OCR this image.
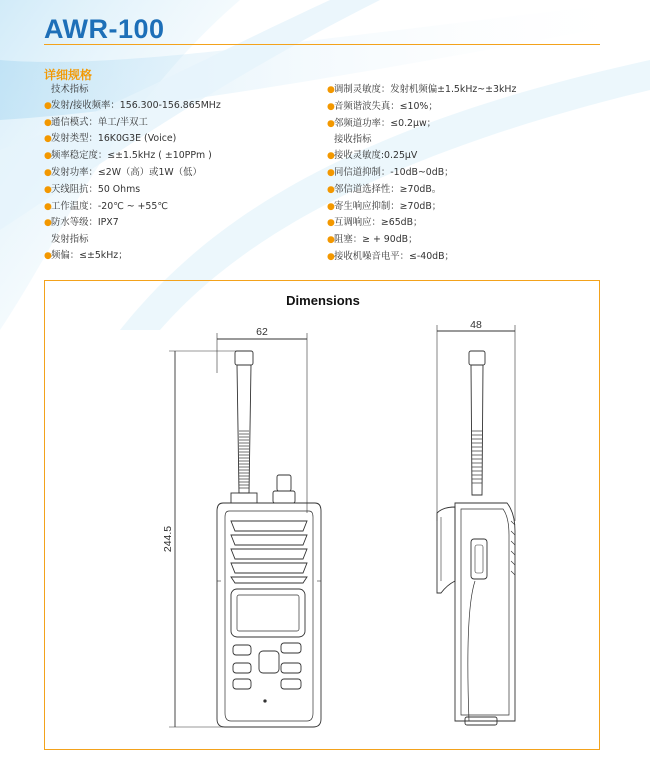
AWR-100
详细规格
技术指标
●发射/接收频率：156.300-156.865MHz
●通信模式：单工/半双工
●发射类型：16K0G3E (Voice)
●频率稳定度：≤±1.5kHz ( ±10PPm )
●发射功率：≤2W（高）或1W（低）
●天线阻抗：50 Ohms
●工作温度：-20℃ ~ +55℃
●防水等级：IPX7
发射指标
●频偏：≤±5kHz；
●调制灵敏度：发射机频偏±1.5kHz~±3kHz
●音频谐波失真：≤10%；
●邻频道功率：≤0.2μw；
接收指标
●接收灵敏度:0.25μV
●同信道抑制：-10dB~0dB；
●邻信道选择性：≥70dB。
●寄生响应抑制：≥70dB；
●互调响应：≥65dB；
●阻塞：≥ + 90dB；
●接收机噪音电平：≤-40dB；
Dimensions
62
48
244.5
